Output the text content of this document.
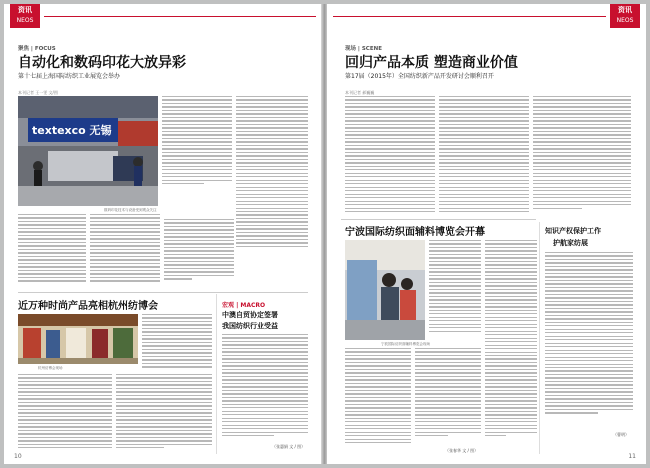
资讯
NEOS
聚焦 | FOCUS
自动化和数码印花大放异彩
第十七届上海国际纺织工业展览会举办
本刊记者 王一雯 文/图
textexco 无锡
数码印花技术与设备受到观众关注
近万种时尚产品亮相杭州纺博会
杭州纺博会现场
宏观 | MACRO
中澳自贸协定签署
我国纺织行业受益
（张惠娟 文 / 图）
10
资讯
NEOS
现场 | SCENE
回归产品本质 塑造商业价值
第17届（2015年）全国纺织新产品开发研讨会顺利召开
本刊记者 郝巍巍
宁波国际纺织面辅料博览会开幕
宁波国际纺织面辅料博览会现场
（张春华 文 / 图）
知识产权保护工作
护航家纺展
（曹明）
11
